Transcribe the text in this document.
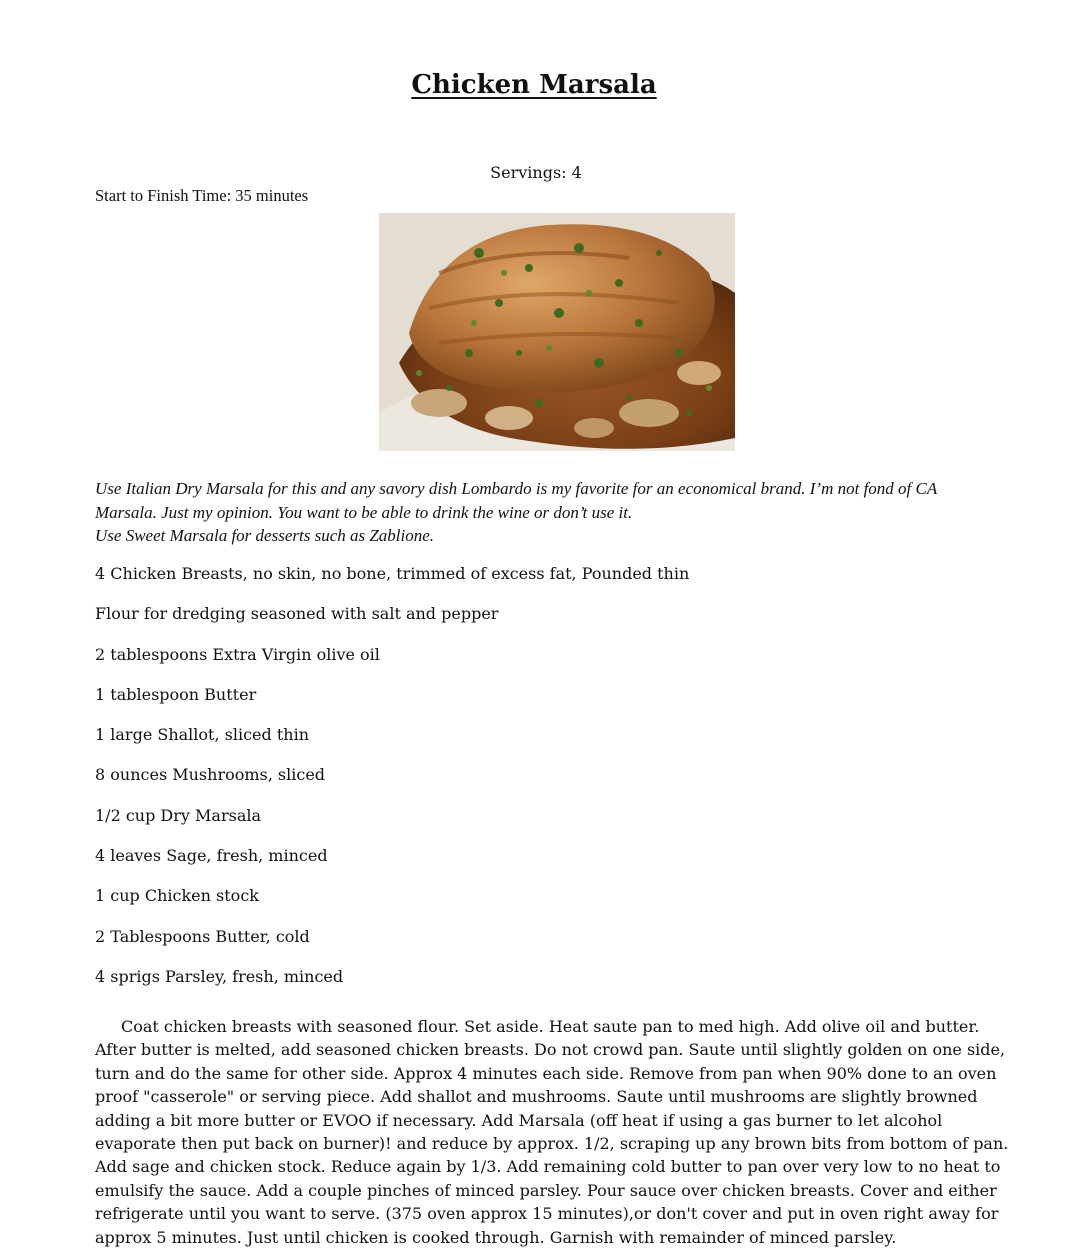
Chicken Marsala
Servings: 4
Start to Finish Time: 35 minutes
Use Italian Dry Marsala for this and any savory dish Lombardo is my favorite for an economical brand. I’m not fond of CA
Marsala. Just my opinion. You want to be able to drink the wine or don’t use it.
Use Sweet Marsala for desserts such as Zablione.
4 Chicken Breasts, no skin, no bone, trimmed of excess fat, Pounded thin
Flour for dredging seasoned with salt and pepper
2 tablespoons Extra Virgin olive oil
1 tablespoon Butter
1 large Shallot, sliced thin
8 ounces Mushrooms, sliced
1/2 cup Dry Marsala
4 leaves Sage, fresh, minced
1 cup Chicken stock
2 Tablespoons Butter, cold
4 sprigs Parsley, fresh, minced
Coat chicken breasts with seasoned flour. Set aside. Heat saute pan to med high. Add olive oil and butter.
After butter is melted, add seasoned chicken breasts. Do not crowd pan. Saute until slightly golden on one side,
turn and do the same for other side. Approx 4 minutes each side. Remove from pan when 90% done to an oven
proof "casserole" or serving piece. Add shallot and mushrooms. Saute until mushrooms are slightly browned
adding a bit more butter or EVOO if necessary. Add Marsala (off heat if using a gas burner to let alcohol
evaporate then put back on burner)! and reduce by approx. 1/2, scraping up any brown bits from bottom of pan.
Add sage and chicken stock. Reduce again by 1/3. Add remaining cold butter to pan over very low to no heat to
emulsify the sauce. Add a couple pinches of minced parsley. Pour sauce over chicken breasts. Cover and either
refrigerate until you want to serve. (375 oven approx 15 minutes),or don't cover and put in oven right away for
approx 5 minutes. Just until chicken is cooked through. Garnish with remainder of minced parsley.
